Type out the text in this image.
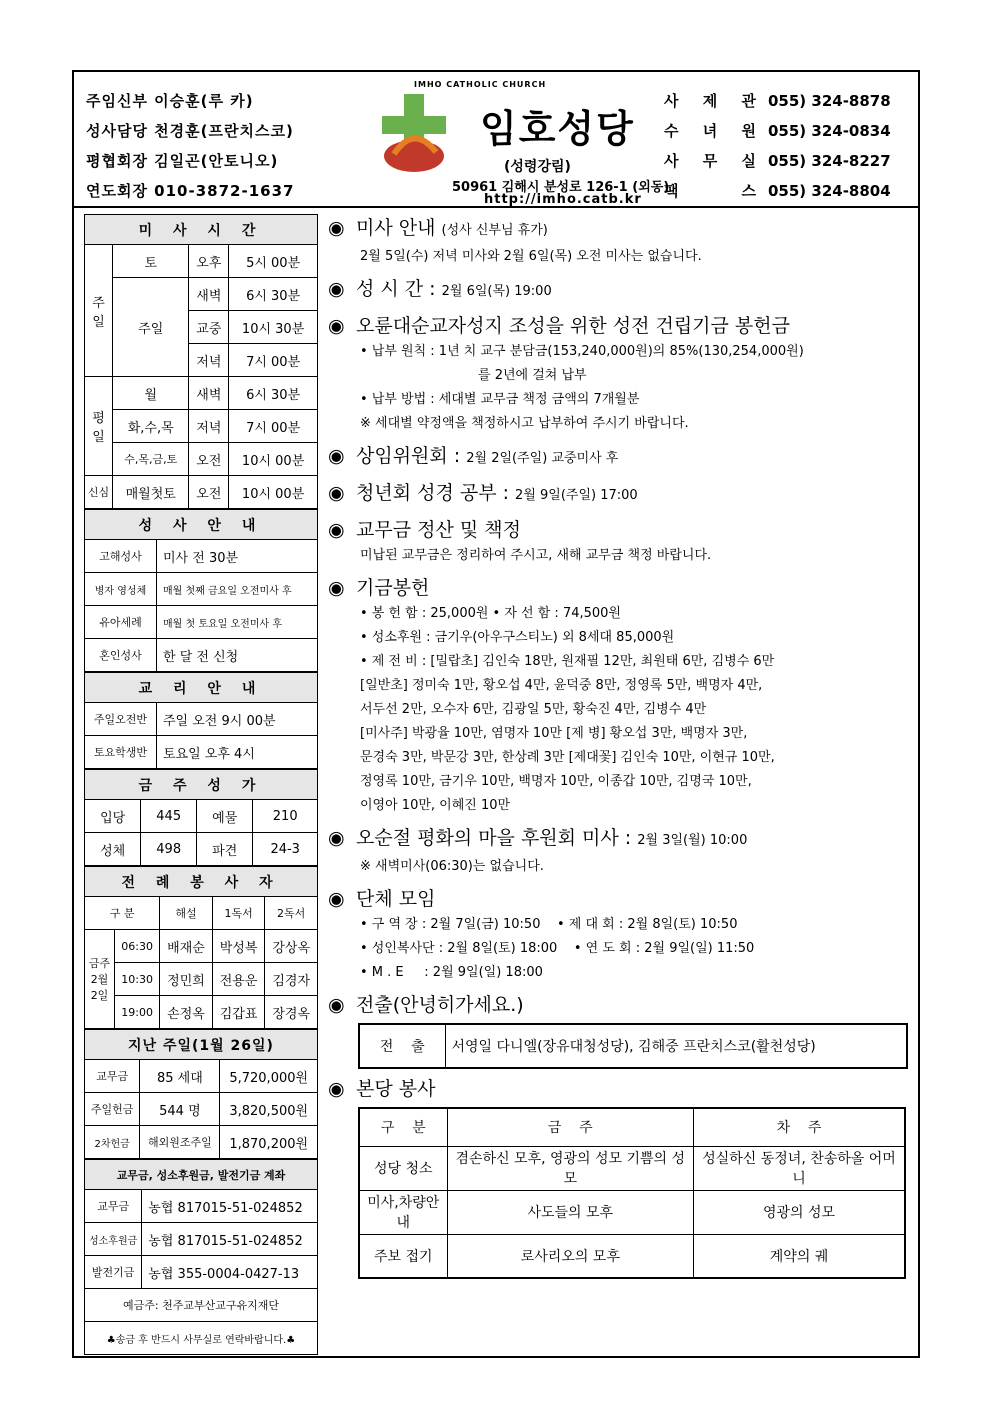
주임신부 이승훈(루 카)
성사담당 천경훈(프란치스코)
평협회장 김일곤(안토니오)
연도회장 010-3872-1637
IMHO CATHOLIC CHURCH
임호성당
(성령강림)
50961 김해시 분성로 126-1 (외동)
http://imho.catb.kr
사 제 관 055) 324-8878
수 녀 원 055) 324-0834
사 무 실 055) 324-8227
팩	스 055) 324-8804
미 사 시 간			
주일	토	오후	5시 00분
	주일	새벽	6시 30분
		교중	10시 30분
		저녁	7시 00분
평일	월	새벽	6시 30분
	화,수,목	저녁	7시 00분
	수,목,금,토	오전	10시 00분
신심	매월첫토	오전	10시 00분
성 사 안 내	
고해성사	미사 전 30분
병자 영성체	매월 첫째 금요일 오전미사 후
유아세례	매월 첫 토요일 오전미사 후
혼인성사	한 달 전 신청
교 리 안 내	
주일오전반	주일 오전 9시 00분
토요학생반	토요일 오후 4시
금 주 성 가			
입당	445	예물	210
성체	498	파견	24-3
전 례 봉 사 자				
구 분		해설	1독서	2독서
금주 2월 2일	06:30	배재순	박성복	강상옥
	10:30	정민희	전용운	김경자
	19:00	손정옥	김갑표	장경옥
지난 주일(1월 26일)		
교무금	85 세대	5,720,000원
주일헌금	544 명	3,820,500원
2차헌금	해외원조주일	1,870,200원
교무금, 성소후원금, 발전기금 계좌	
교무금	농협 817015-51-024852
성소후원금	농협 817015-51-024852
발전기금	농협 355-0004-0427-13
예금주: 천주교부산교구유지재단	
♣송금 후 반드시 사무실로 연락바랍니다.♣	
◉ 미사 안내 (성사 신부님 휴가)
2월 5일(수) 저녁 미사와 2월 6일(목) 오전 미사는 없습니다.
◉ 성 시 간 : 2월 6일(목) 19:00
◉ 오륜대순교자성지 조성을 위한 성전 건립기금 봉헌금
• 납부 원칙 : 1년 치 교구 분담금(153,240,000원)의 85%(130,254,000원)
를 2년에 걸쳐 납부
• 납부 방법 : 세대별 교무금 책정 금액의 7개월분
※ 세대별 약정액을 책정하시고 납부하여 주시기 바랍니다.
◉ 상임위원회 : 2월 2일(주일) 교중미사 후
◉ 청년회 성경 공부 : 2월 9일(주일) 17:00
◉ 교무금 정산 및 책정
미납된 교무금은 정리하여 주시고, 새해 교무금 책정 바랍니다.
◉ 기금봉헌
• 봉 헌 함 : 25,000원 • 자 선 함 : 74,500원
• 성소후원 : 금기우(아우구스티노) 외 8세대 85,000원
• 제 전 비 : [밀랍초] 김인숙 18만, 원재필 12만, 최원태 6만, 김병수 6만
[일반초] 정미숙 1만, 황오섭 4만, 윤덕중 8만, 정영록 5만, 백명자 4만,
서두선 2만, 오수자 6만, 김광일 5만, 황숙진 4만, 김병수 4만
[미사주] 박광율 10만, 염명자 10만 [제 병] 황오섭 3만, 백명자 3만,
문경숙 3만, 박문강 3만, 한상례 3만 [제대꽃] 김인숙 10만, 이현규 10만,
정영록 10만, 금기우 10만, 백명자 10만, 이종갑 10만, 김명국 10만,
이영아 10만, 이혜진 10만
◉ 오순절 평화의 마을 후원회 미사 : 2월 3일(월) 10:00
※ 새벽미사(06:30)는 없습니다.
◉ 단체 모임
• 구 역 장 : 2월 7일(금) 10:50    • 제 대 회 : 2월 8일(토) 10:50
• 성인복사단 : 2월 8일(토) 18:00    • 연 도 회 : 2월 9일(일) 11:50
• M . E     : 2월 9일(일) 18:00
◉ 전출(안녕히가세요.)
전    출	서영일 다니엘(장유대청성당), 김해중 프란치스코(활천성당)
◉ 본당 봉사
구    분	금    주	차    주
성당 청소	겸손하신 모후, 영광의 성모 기쁨의 성모	성실하신 동정녀, 찬송하올 어머니
미사,차량안내	사도들의 모후	영광의 성모
주보 접기	로사리오의 모후	계약의 궤
